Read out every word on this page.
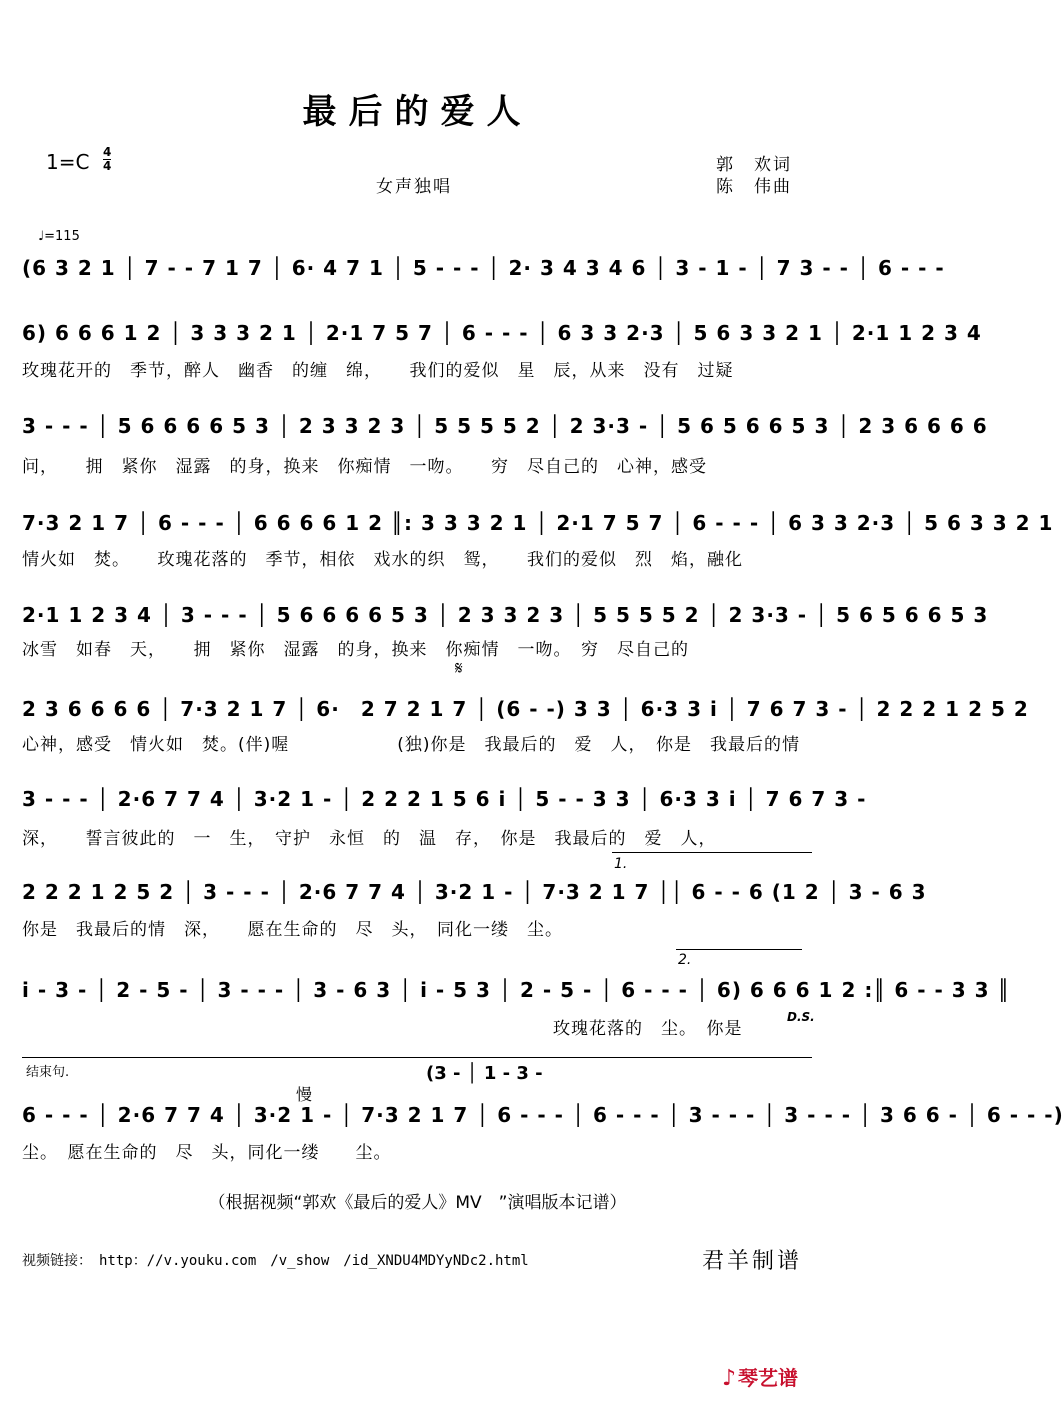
最后的爱人
1=C 4
4
女声独唱
郭　欢词
陈　伟曲
♩=115
(6 3 2 1 │ 7 - - 7 1 7 │ 6· 4 7 1 │ 5 - - - │ 2· 3 4 3 4 6 │ 3 - 1 - │ 7 3 - - │ 6 - - -
6) 6 6 6 1 2 │ 3 3 3 2 1 │ 2·1 7 5 7 │ 6 - - - │ 6 3 3 2·3 │ 5 6 3 3 2 1 │ 2·1 1 2 3 4
玫瑰花开的　季节，醉人　幽香　的缠　绵，　　我们的爱似　星　辰，从来　没有　过疑
3 - - - │ 5 6 6 6 6 5 3 │ 2 3 3 2 3 │ 5 5 5 5 2 │ 2 3·3 - │ 5 6 5 6 6 5 3 │ 2 3 6 6 6 6
问，　　拥　紧你　湿露　的身，换来　你痴情　一吻。　　穷　尽自己的　心神，感受
7·3 2 1 7 │ 6 - - - │ 6 6 6 6 1 2 ║: 3 3 3 2 1 │ 2·1 7 5 7 │ 6 - - - │ 6 3 3 2·3 │ 5 6 3 3 2 1
情火如　焚。　　玫瑰花落的　季节，相依　戏水的织　鸳，　　我们的爱似　烈　焰，融化
2·1 1 2 3 4 │ 3 - - - │ 5 6 6 6 6 5 3 │ 2 3 3 2 3 │ 5 5 5 5 2 │ 2 3·3 - │ 5 6 5 6 6 5 3
冰雪　如春　天，　　拥　紧你　湿露　的身，换来　你痴情　一吻。　穷　尽自己的
𝄋
2 3 6 6 6 6 │ 7·3 2 1 7 │ 6·　2 7 2 1 7 │ (6 - -) 3 3 │ 6·3 3 i │ 7 6 7 3 - │ 2 2 2 1 2 5 2
心神，感受　情火如　焚。(伴)喔　　　　　　(独)你是　我最后的　爱　人，　你是　我最后的情
3 - - - │ 2·6 7 7 4 │ 3·2 1 - │ 2 2 2 1 5 6 i │ 5 - - 3 3 │ 6·3 3 i │ 7 6 7 3 -
深，　　誓言彼此的　一　生，　守护　永恒　的　温　存，　你是　我最后的　爱　人，
1.
2 2 2 1 2 5 2 │ 3 - - - │ 2·6 7 7 4 │ 3·2 1 - │ 7·3 2 1 7 ││ 6 - - 6 (1 2 │ 3 - 6 3
你是　我最后的情　深，　　愿在生命的　尽　头，　同化一缕　尘。
2.
i - 3 - │ 2 - 5 - │ 3 - - - │ 3 - 6 3 │ i - 5 3 │ 2 - 5 - │ 6 - - - │ 6) 6 6 6 1 2 :║ 6 - - 3 3 ║
玫瑰花落的　尘。　你是
D.S.
结束句.	(3 - │ 1 - 3 -
慢
6 - - - │ 2·6 7 7 4 │ 3·2 1 - │ 7·3 2 1 7 │ 6 - - - │ 6 - - - │ 3 - - - │ 3 - - - │ 3 6 6 - │ 6 - - -)
尘。　愿在生命的　尽　头，同化一缕　　尘。
（根据视频“郭欢《最后的爱人》MV　”演唱版本记谱）
视频链接：　http：//v.youku.com　/v_show　/id_XNDU4MDYyNDc2.html	君羊制谱
♪ 琴艺谱
